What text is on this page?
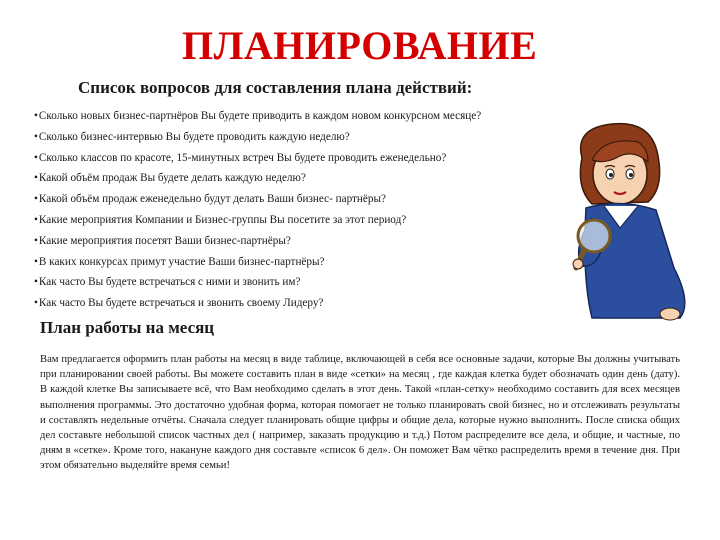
ПЛАНИРОВАНИЕ
Список вопросов для составления плана действий:
• Сколько новых бизнес-партнёров Вы будете приводить в каждом новом конкурсном месяце?
• Сколько бизнес-интервью Вы будете проводить каждую неделю?
• Сколько классов по красоте, 15-минутных встреч Вы будете проводить еженедельно?
• Какой объём продаж Вы будете делать каждую неделю?
• Какой объём продаж еженедельно будут делать Ваши бизнес- партнёры?
• Какие мероприятия Компании и Бизнес-группы Вы посетите за этот период?
• Какие мероприятия посетят Ваши бизнес-партнёры?
• В каких конкурсах примут участие Ваши бизнес-партнёры?
• Как часто Вы будете встречаться с ними и звонить им?
• Как часто Вы будете встречаться и звонить своему Лидеру?
План работы на месяц

Вам предлагается оформить план работы на месяц в виде таблице, включающей в себя все основные задачи, которые Вы должны учитывать при планировании своей работы. Вы можете составить план в виде «сетки» на месяц , где каждая клетка будет обозначать один день (дату). В каждой клетке Вы записываете всё, что Вам необходимо сделать в этот день. Такой «план-сетку» необходимо составить для всех месяцев выполнения программы. Это достаточно удобная форма, которая помогает не только планировать свой бизнес, но и отслеживать результаты и составлять недельные отчёты. Сначала следует планировать общие цифры и общие дела, которые нужно выполнить. После списка общих дел составьте небольшой список частных дел ( например, заказать продукцию и т.д.) Потом распределите все дела, и общие, и частные, по дням в «сетке». Кроме того, накануне каждого дня составьте «список 6 дел». Он поможет Вам чётко распределить время в течение дня. При этом обязательно выделяйте время семьи!
